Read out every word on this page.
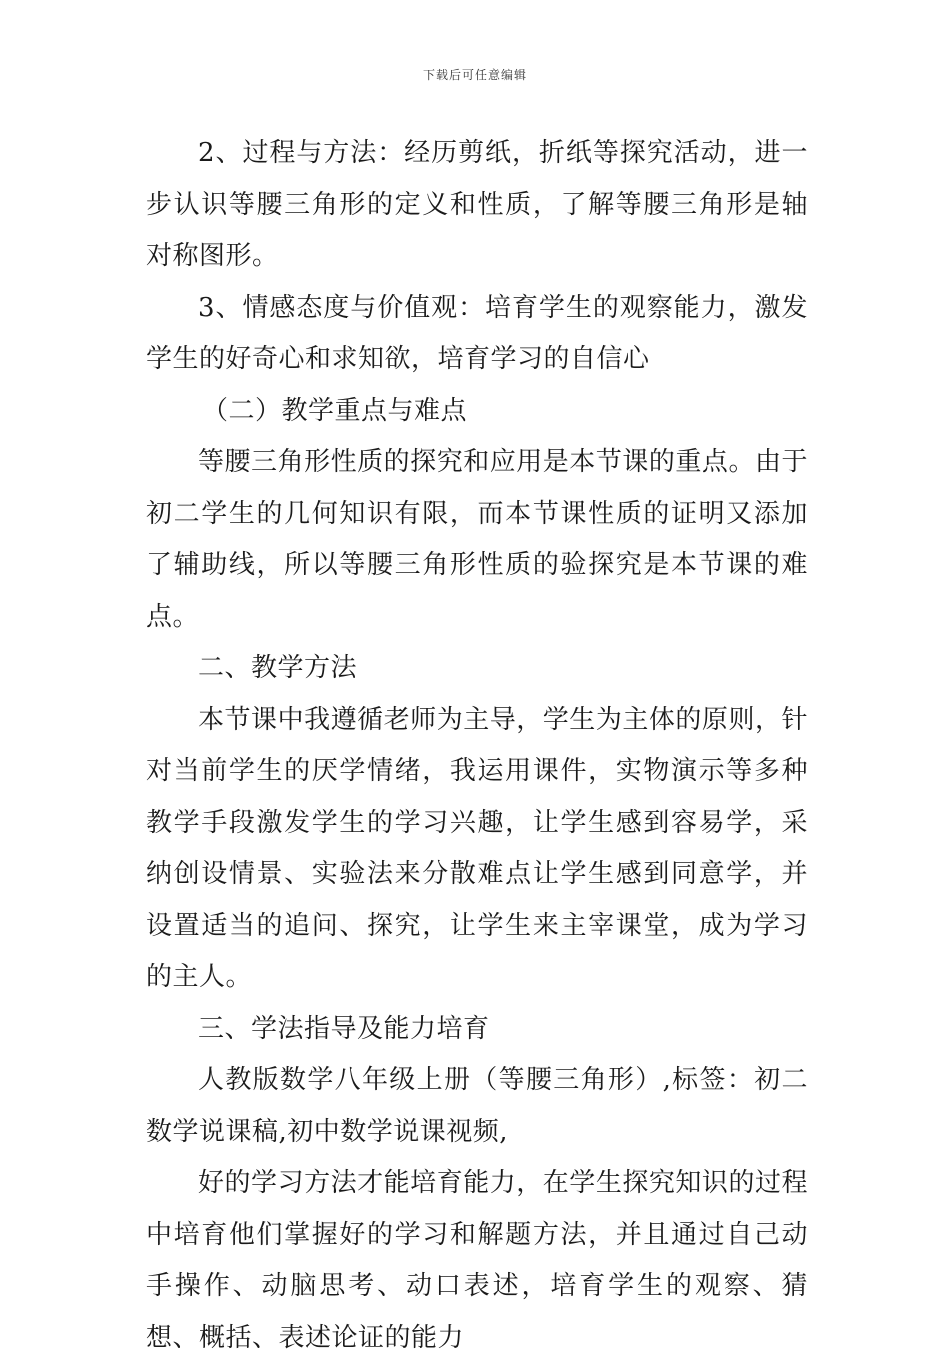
下载后可任意编辑

2、过程与方法：经历剪纸，折纸等探究活动，进一步认识等腰三角形的定义和性质，了解等腰三角形是轴对称图形。

3、情感态度与价值观：培育学生的观察能力，激发学生的好奇心和求知欲，培育学习的自信心

（二）教学重点与难点

等腰三角形性质的探究和应用是本节课的重点。由于初二学生的几何知识有限，而本节课性质的证明又添加了辅助线，所以等腰三角形性质的验探究是本节课的难点。

二、教学方法

本节课中我遵循老师为主导，学生为主体的原则，针对当前学生的厌学情绪，我运用课件，实物演示等多种教学手段激发学生的学习兴趣，让学生感到容易学，采纳创设情景、实验法来分散难点让学生感到同意学，并设置适当的追问、探究，让学生来主宰课堂，成为学习的主人。

三、学法指导及能力培育

人教版数学八年级上册（等腰三角形）,标签：初二数学说课稿,初中数学说课视频,

好的学习方法才能培育能力，在学生探究知识的过程中培育他们掌握好的学习和解题方法，并且通过自己动手操作、动脑思考、动口表述，培育学生的观察、猜想、概括、表述论证的能力
